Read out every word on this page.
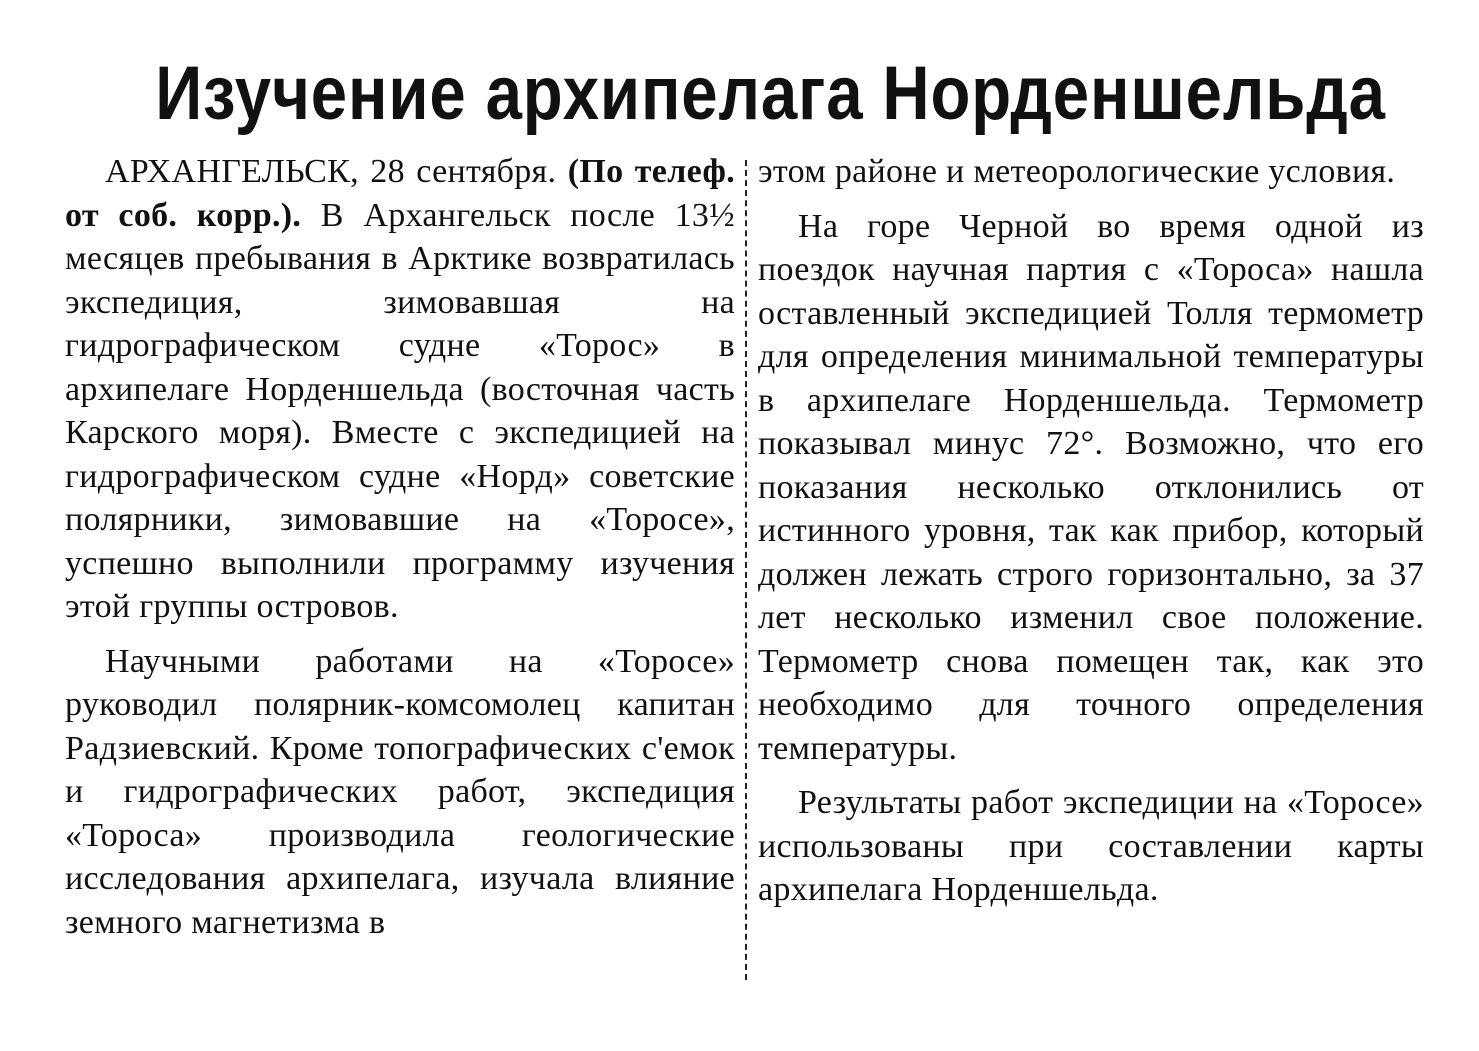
Изучение архипелага Норденшельда

АРХАНГЕЛЬСК, 28 сентября. (По телеф. от соб. корр.). В Архангельск после 13½ месяцев пребывания в Арктике возвратилась экспедиция, зимовавшая на гидрографическом судне «Торос» в архипелаге Норденшельда (восточная часть Карского моря). Вместе с экспедицией на гидрографическом судне «Норд» советские полярники, зимовавшие на «Торосе», успешно выполнили программу изучения этой группы островов.

Научными работами на «Торосе» руководил полярник-комсомолец капитан Радзиевский. Кроме топографических с'емок и гидрографических работ, экспедиция «Тороса» производила геологические исследования архипелага, изучала влияние земного магнетизма в

этом районе и метеорологические условия.

На горе Черной во время одной из поездок научная партия с «Тороса» нашла оставленный экспедицией Толля термометр для определения минимальной температуры в архипелаге Норденшельда. Термометр показывал минус 72°. Возможно, что его показания несколько отклонились от истинного уровня, так как прибор, который должен лежать строго горизонтально, за 37 лет несколько изменил свое положение. Термометр снова помещен так, как это необходимо для точного определения температуры.

Результаты работ экспедиции на «Торосе» использованы при составлении карты архипелага Норденшельда.
